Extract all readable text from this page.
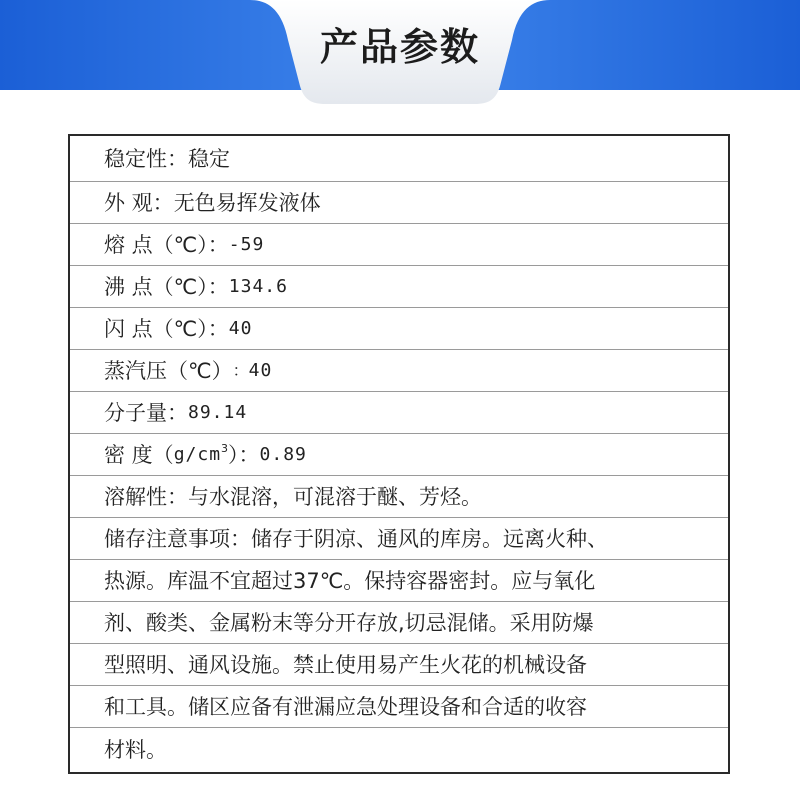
产品参数
稳定性： 稳定
外 观： 无色易挥发液体
熔 点（℃）： -59
沸 点（℃）： 134.6
闪 点（℃）： 40
蒸汽压（℃） ： 40
分子量： 89.14
密 度（ $g/cm^3$ ）： 0.89
溶解性： 与水混溶，可混溶于醚、芳烃。
储存注意事项：储存于阴凉、通风的库房。远离火种、
热源。库温不宜超过37℃。保持容器密封。应与氧化
剂、酸类、金属粉末等分开存放,切忌混储。采用防爆
型照明、通风设施。禁止使用易产生火花的机械设备
和工具。储区应备有泄漏应急处理设备和合适的收容
材料。
